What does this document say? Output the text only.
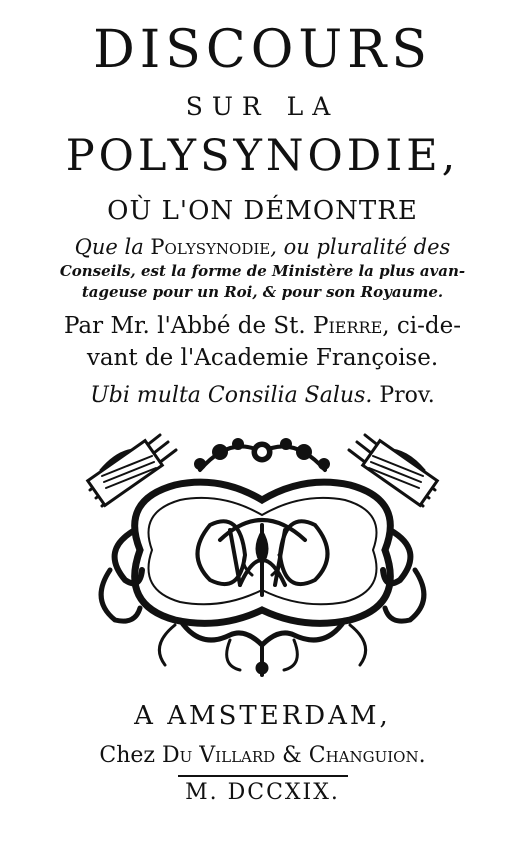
DISCOURS
SUR LA
POLYSYNODIE,
OÙ L'ON DÉMONTRE
Que la Polysynodie, ou pluralité des
Conseils, est la forme de Ministère la plus avan-
tageuse pour un Roi, & pour son Royaume.
Par Mr. l'Abbé de St. Pierre, ci-de-
vant de l'Academie Françoise.
Ubi multa Consilia Salus. Prov.
A AMSTERDAM,
Chez Du Villard & Changuion.
M. DCCXIX.
